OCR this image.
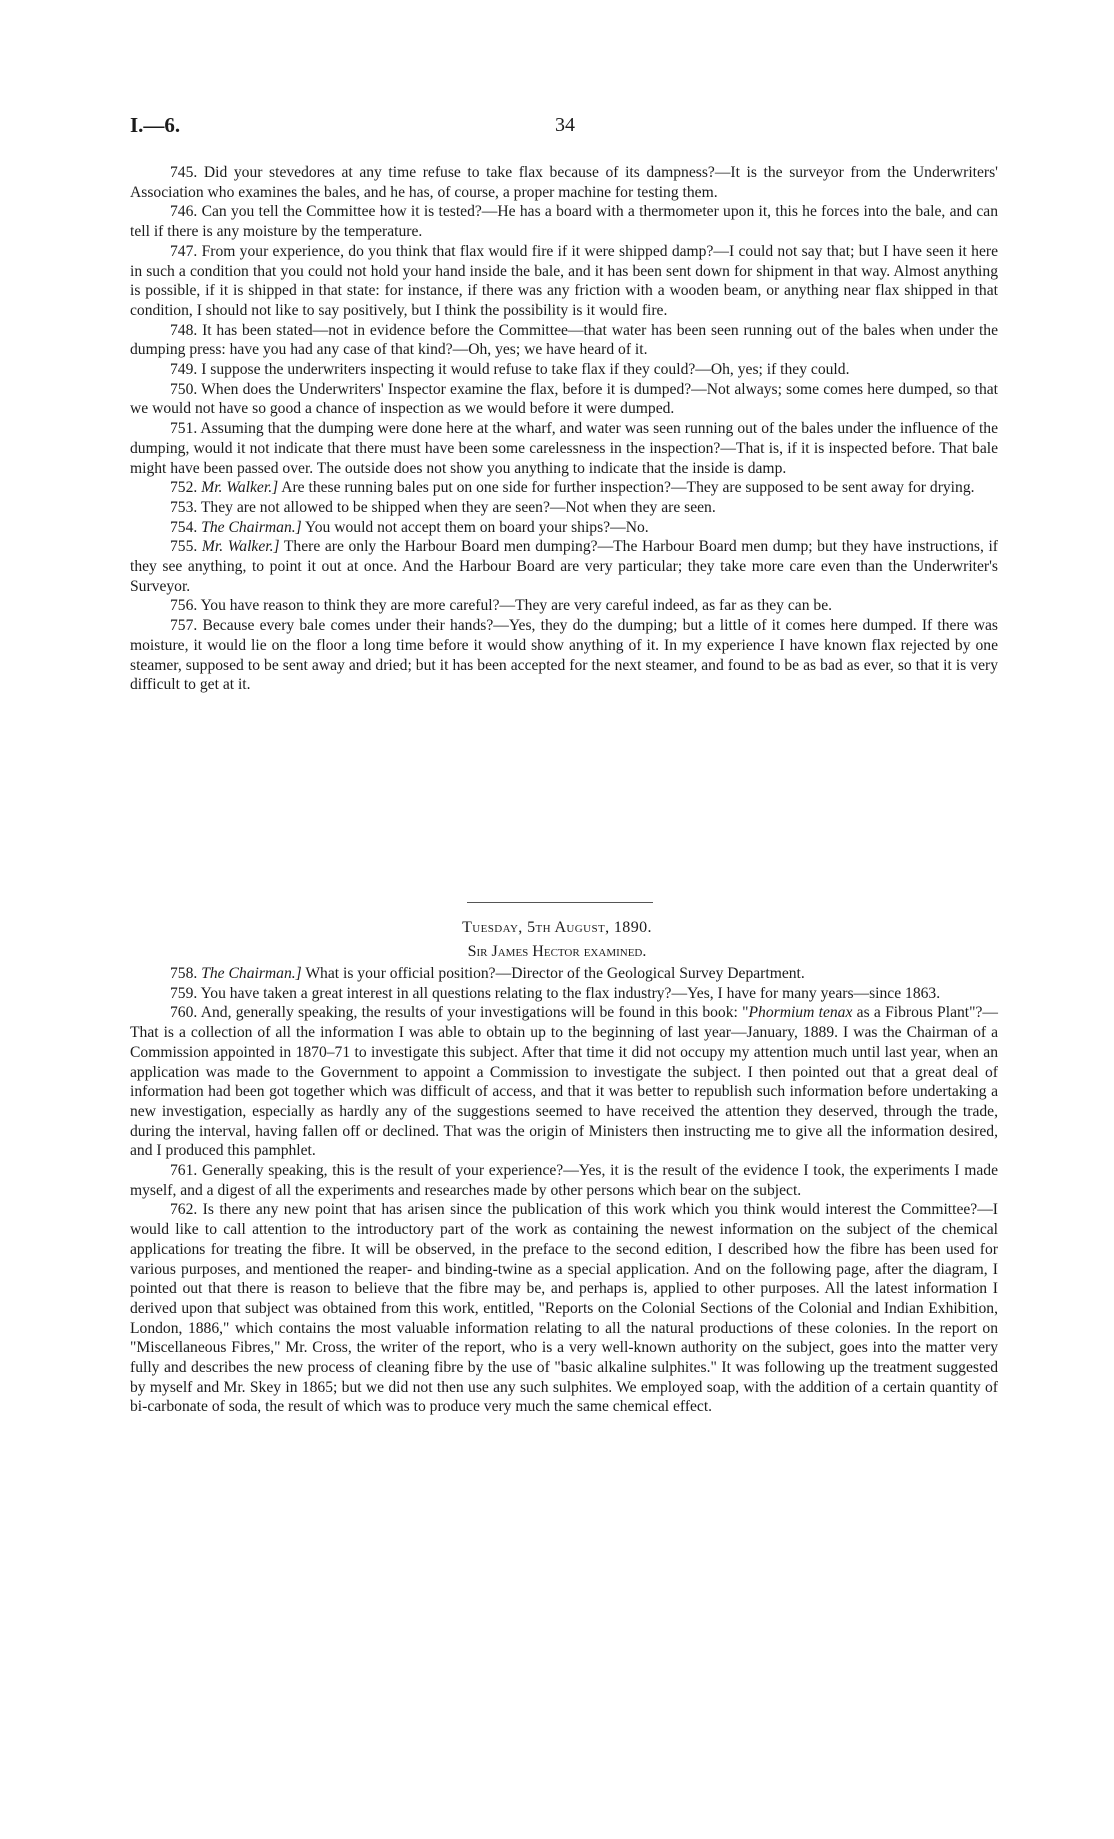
I.—6.	34

745. Did your stevedores at any time refuse to take flax because of its dampness?—It is the surveyor from the Underwriters' Association who examines the bales, and he has, of course, a proper machine for testing them.

746. Can you tell the Committee how it is tested?—He has a board with a thermometer upon it, this he forces into the bale, and can tell if there is any moisture by the temperature.

747. From your experience, do you think that flax would fire if it were shipped damp?—I could not say that; but I have seen it here in such a condition that you could not hold your hand inside the bale, and it has been sent down for shipment in that way. Almost anything is possible, if it is shipped in that state: for instance, if there was any friction with a wooden beam, or anything near flax shipped in that condition, I should not like to say positively, but I think the possibility is it would fire.

748. It has been stated—not in evidence before the Committee—that water has been seen running out of the bales when under the dumping press: have you had any case of that kind?—Oh, yes; we have heard of it.

749. I suppose the underwriters inspecting it would refuse to take flax if they could?—Oh, yes; if they could.

750. When does the Underwriters' Inspector examine the flax, before it is dumped?—Not always; some comes here dumped, so that we would not have so good a chance of inspection as we would before it were dumped.

751. Assuming that the dumping were done here at the wharf, and water was seen running out of the bales under the influence of the dumping, would it not indicate that there must have been some carelessness in the inspection?—That is, if it is inspected before. That bale might have been passed over. The outside does not show you anything to indicate that the inside is damp.

752. Mr. Walker.] Are these running bales put on one side for further inspection?—They are supposed to be sent away for drying.

753. They are not allowed to be shipped when they are seen?—Not when they are seen.

754. The Chairman.] You would not accept them on board your ships?—No.

755. Mr. Walker.] There are only the Harbour Board men dumping?—The Harbour Board men dump; but they have instructions, if they see anything, to point it out at once. And the Harbour Board are very particular; they take more care even than the Underwriter's Surveyor.

756. You have reason to think they are more careful?—They are very careful indeed, as far as they can be.

757. Because every bale comes under their hands?—Yes, they do the dumping; but a little of it comes here dumped. If there was moisture, it would lie on the floor a long time before it would show anything of it. In my experience I have known flax rejected by one steamer, supposed to be sent away and dried; but it has been accepted for the next steamer, and found to be as bad as ever, so that it is very difficult to get at it.

Tuesday, 5th August, 1890.
Sir James Hector examined.

758. The Chairman.] What is your official position?—Director of the Geological Survey Department.

759. You have taken a great interest in all questions relating to the flax industry?—Yes, I have for many years—since 1863.

760. And, generally speaking, the results of your investigations will be found in this book: "Phormium tenax as a Fibrous Plant"?—That is a collection of all the information I was able to obtain up to the beginning of last year—January, 1889. I was the Chairman of a Commission appointed in 1870–71 to investigate this subject. After that time it did not occupy my attention much until last year, when an application was made to the Government to appoint a Commission to investigate the subject. I then pointed out that a great deal of information had been got together which was difficult of access, and that it was better to republish such information before undertaking a new investigation, especially as hardly any of the suggestions seemed to have received the attention they deserved, through the trade, during the interval, having fallen off or declined. That was the origin of Ministers then instructing me to give all the information desired, and I produced this pamphlet.

761. Generally speaking, this is the result of your experience?—Yes, it is the result of the evidence I took, the experiments I made myself, and a digest of all the experiments and researches made by other persons which bear on the subject.

762. Is there any new point that has arisen since the publication of this work which you think would interest the Committee?—I would like to call attention to the introductory part of the work as containing the newest information on the subject of the chemical applications for treating the fibre. It will be observed, in the preface to the second edition, I described how the fibre has been used for various purposes, and mentioned the reaper- and binding-twine as a special application. And on the following page, after the diagram, I pointed out that there is reason to believe that the fibre may be, and perhaps is, applied to other purposes. All the latest information I derived upon that subject was obtained from this work, entitled, "Reports on the Colonial Sections of the Colonial and Indian Exhibition, London, 1886," which contains the most valuable information relating to all the natural productions of these colonies. In the report on "Miscellaneous Fibres," Mr. Cross, the writer of the report, who is a very well-known authority on the subject, goes into the matter very fully and describes the new process of cleaning fibre by the use of "basic alkaline sulphites." It was following up the treatment suggested by myself and Mr. Skey in 1865; but we did not then use any such sulphites. We employed soap, with the addition of a certain quantity of bi-carbonate of soda, the result of which was to produce very much the same chemical effect.
